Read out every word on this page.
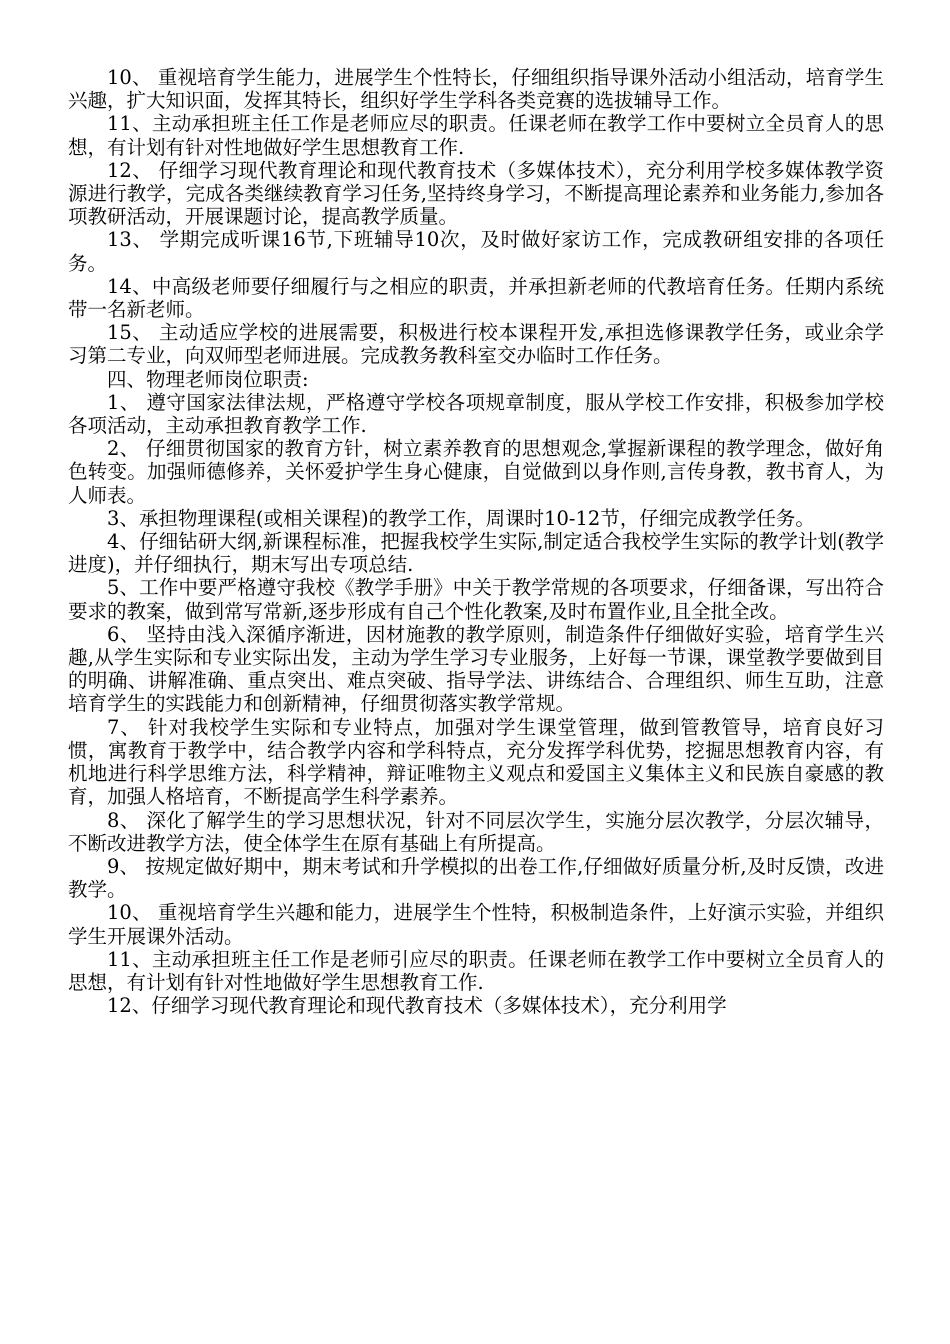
10、 重视培育学生能力，进展学生个性特长，仔细组织指导课外活动小组活动，培育学生兴趣，扩大知识面，发挥其特长，组织好学生学科各类竞赛的选拔辅导工作。

11、主动承担班主任工作是老师应尽的职责。任课老师在教学工作中要树立全员育人的思想，有计划有针对性地做好学生思想教育工作.

12、 仔细学习现代教育理论和现代教育技术（多媒体技术），充分利用学校多媒体教学资源进行教学，完成各类继续教育学习任务,坚持终身学习，不断提高理论素养和业务能力,参加各项教研活动，开展课题讨论，提高教学质量。

13、 学期完成听课16节,下班辅导10次，及时做好家访工作，完成教研组安排的各项任务。

14、中高级老师要仔细履行与之相应的职责，并承担新老师的代教培育任务。任期内系统带一名新老师。

15、 主动适应学校的进展需要，积极进行校本课程开发,承担选修课教学任务，或业余学习第二专业，向双师型老师进展。完成教务教科室交办临时工作任务。

四、物理老师岗位职责:

1、 遵守国家法律法规，严格遵守学校各项规章制度，服从学校工作安排，积极参加学校各项活动，主动承担教育教学工作.

2、 仔细贯彻国家的教育方针，树立素养教育的思想观念,掌握新课程的教学理念，做好角色转变。加强师德修养，关怀爱护学生身心健康，自觉做到以身作则,言传身教，教书育人，为人师表。

3、承担物理课程(或相关课程)的教学工作，周课时10-12节，仔细完成教学任务。

4、仔细钻研大纲,新课程标准，把握我校学生实际,制定适合我校学生实际的教学计划(教学进度)，并仔细执行，期末写出专项总结.

5、工作中要严格遵守我校《教学手册》中关于教学常规的各项要求，仔细备课，写出符合要求的教案，做到常写常新,逐步形成有自己个性化教案,及时布置作业,且全批全改。

6、 坚持由浅入深循序渐进，因材施教的教学原则，制造条件仔细做好实验，培育学生兴趣,从学生实际和专业实际出发，主动为学生学习专业服务，上好每一节课，课堂教学要做到目的明确、讲解准确、重点突出、难点突破、指导学法、讲练结合、合理组织、师生互助，注意培育学生的实践能力和创新精神，仔细贯彻落实教学常规。

7、 针对我校学生实际和专业特点，加强对学生课堂管理，做到管教管导，培育良好习惯，寓教育于教学中，结合教学内容和学科特点，充分发挥学科优势，挖掘思想教育内容，有机地进行科学思维方法，科学精神，辩证唯物主义观点和爱国主义集体主义和民族自豪感的教育，加强人格培育，不断提高学生科学素养。

8、 深化了解学生的学习思想状况，针对不同层次学生，实施分层次教学，分层次辅导，不断改进教学方法，使全体学生在原有基础上有所提高。

9、 按规定做好期中，期末考试和升学模拟的出卷工作,仔细做好质量分析,及时反馈，改进教学。

10、 重视培育学生兴趣和能力，进展学生个性特，积极制造条件，上好演示实验，并组织学生开展课外活动。

11、主动承担班主任工作是老师引应尽的职责。任课老师在教学工作中要树立全员育人的思想，有计划有针对性地做好学生思想教育工作.

12、仔细学习现代教育理论和现代教育技术（多媒体技术），充分利用学
